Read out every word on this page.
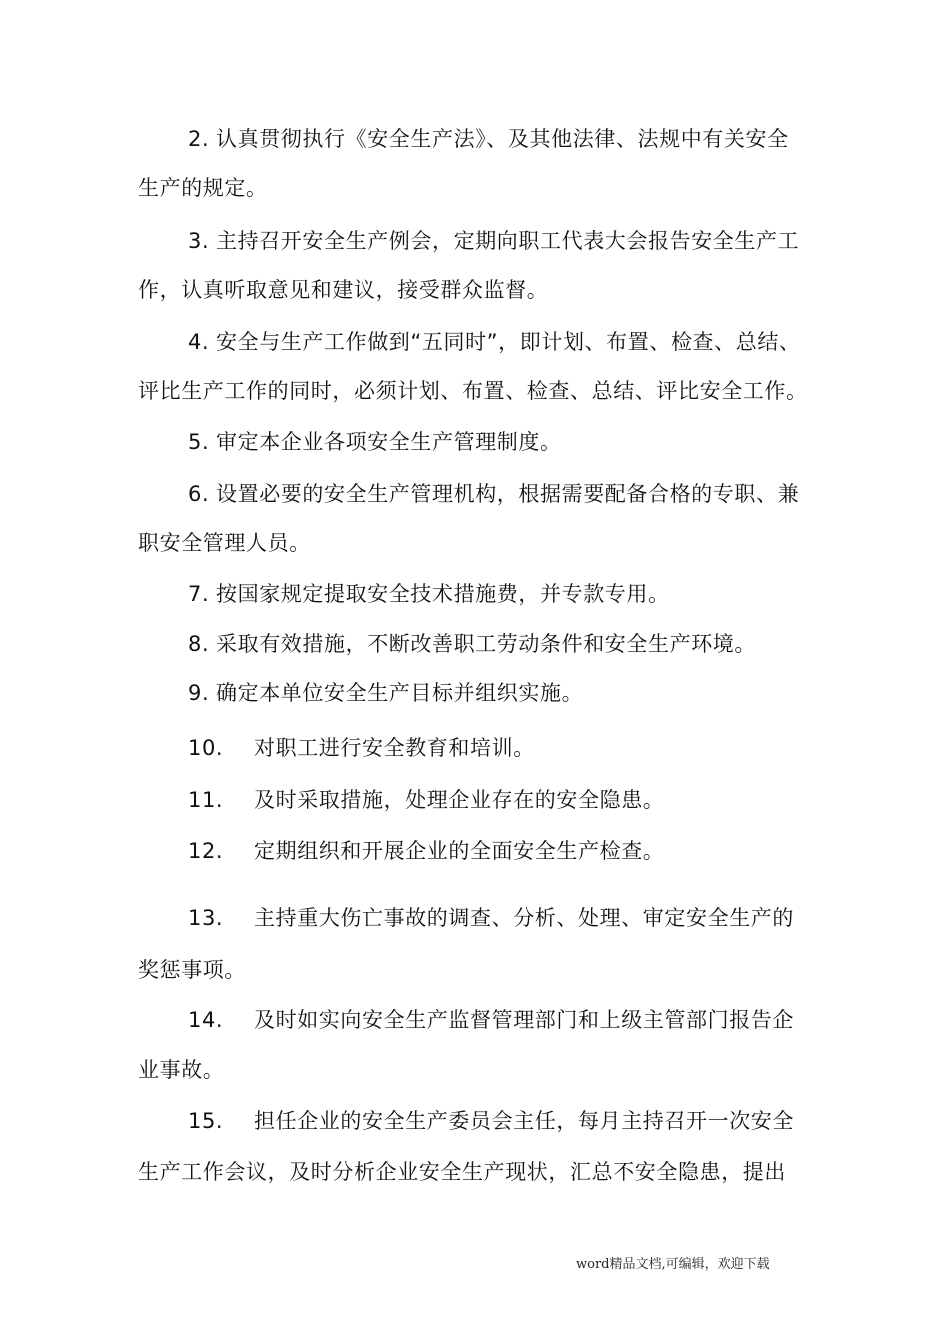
2. 认真贯彻执行《安全生产法》、及其他法律、法规中有关安全
生产的规定。
3. 主持召开安全生产例会，定期向职工代表大会报告安全生产工
作，认真听取意见和建议，接受群众监督。
4. 安全与生产工作做到“五同时”，即计划、布置、检查、总结、
评比生产工作的同时，必须计划、布置、检查、总结、评比安全工作。
5. 审定本企业各项安全生产管理制度。
6. 设置必要的安全生产管理机构，根据需要配备合格的专职、兼
职安全管理人员。
7. 按国家规定提取安全技术措施费，并专款专用。
8. 采取有效措施，不断改善职工劳动条件和安全生产环境。
9. 确定本单位安全生产目标并组织实施。
10. 对职工进行安全教育和培训。
11. 及时采取措施，处理企业存在的安全隐患。
12. 定期组织和开展企业的全面安全生产检查。
13. 主持重大伤亡事故的调查、分析、处理、审定安全生产的
奖惩事项。
14. 及时如实向安全生产监督管理部门和上级主管部门报告企
业事故。
15. 担任企业的安全生产委员会主任，每月主持召开一次安全
生产工作会议，及时分析企业安全生产现状，汇总不安全隐患，提出
word精品文档,可编辑，欢迎下载
